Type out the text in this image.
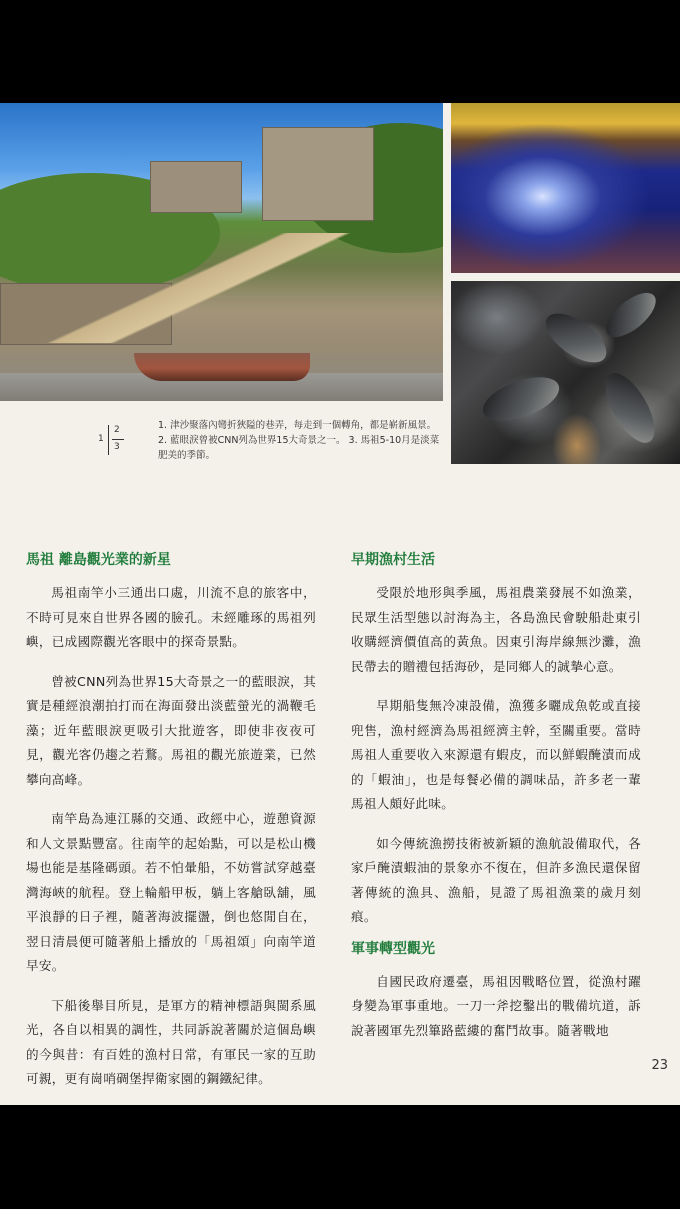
1
2
3
1. 津沙聚落內彎折狹隘的巷弄，每走到一個轉角，都是嶄新風景。 2. 藍眼淚曾被CNN列為世界15大奇景之一。 3. 馬祖5-10月是淡菜肥美的季節。
馬祖 離島觀光業的新星

馬祖南竿小三通出口處，川流不息的旅客中，不時可見來自世界各國的臉孔。未經雕琢的馬祖列嶼，已成國際觀光客眼中的探奇景點。

曾被CNN列為世界15大奇景之一的藍眼淚，其實是種經浪潮拍打而在海面發出淡藍螢光的渦鞭毛藻；近年藍眼淚更吸引大批遊客，即使非夜夜可見，觀光客仍趨之若鶩。馬祖的觀光旅遊業，已然攀向高峰。

南竿島為連江縣的交通、政經中心，遊憩資源和人文景點豐富。往南竿的起始點，可以是松山機場也能是基隆碼頭。若不怕暈船，不妨嘗試穿越臺灣海峽的航程。登上輪船甲板，躺上客艙臥舖，風平浪靜的日子裡，隨著海波擺盪，倒也悠閒自在，翌日清晨便可隨著船上播放的「馬祖頌」向南竿道早安。

下船後舉目所見，是軍方的精神標語與閩系風光，各自以相異的調性，共同訴說著關於這個島嶼的今與昔：有百姓的漁村日常，有軍民一家的互助可親，更有崗哨碉堡捍衛家園的鋼鐵紀律。

早期漁村生活

受限於地形與季風，馬祖農業發展不如漁業，民眾生活型態以討海為主，各島漁民會駛船赴東引收購經濟價值高的黃魚。因東引海岸線無沙灘，漁民帶去的贈禮包括海砂，是同鄉人的誠摯心意。

早期船隻無冷凍設備，漁獲多曬成魚乾或直接兜售，漁村經濟為馬祖經濟主幹，至關重要。當時馬祖人重要收入來源還有蝦皮，而以鮮蝦醃漬而成的「蝦油」，也是每餐必備的調味品，許多老一輩馬祖人頗好此味。

如今傳統漁撈技術被新穎的漁航設備取代，各家戶醃漬蝦油的景象亦不復在，但許多漁民還保留著傳統的漁具、漁船，見證了馬祖漁業的歲月刻痕。

軍事轉型觀光

自國民政府遷臺，馬祖因戰略位置，從漁村躍身變為軍事重地。一刀一斧挖鑿出的戰備坑道，訴說著國軍先烈篳路藍縷的奮鬥故事。隨著戰地

23
